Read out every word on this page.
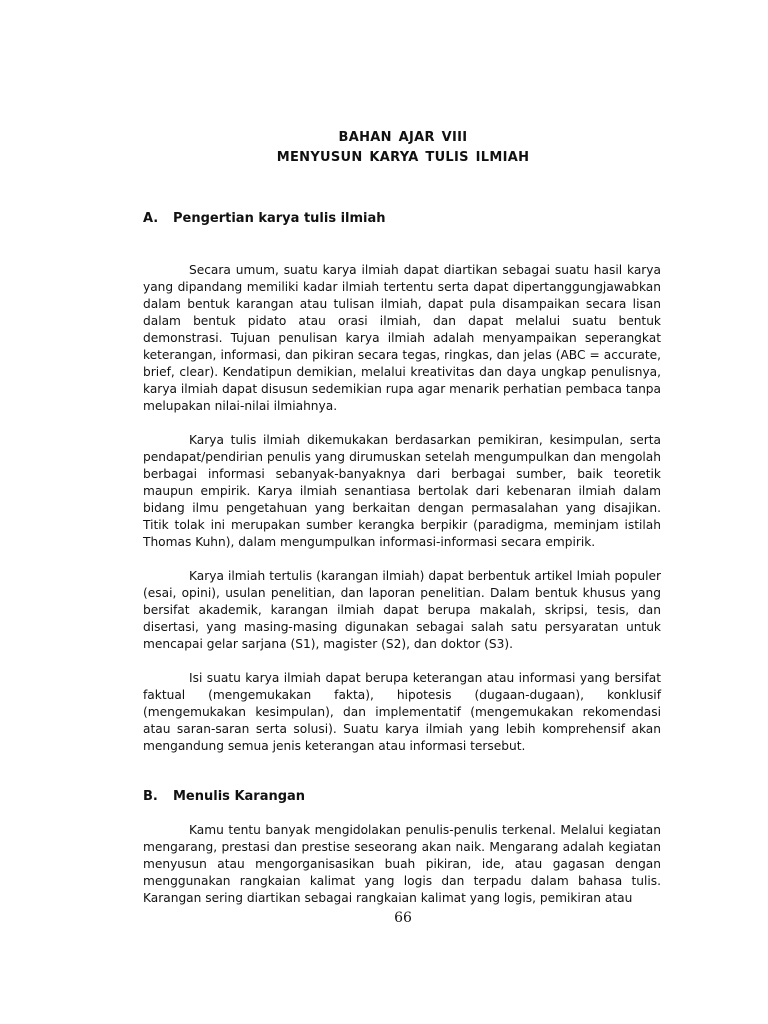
BAHAN AJAR VIII
MENYUSUN KARYA TULIS ILMIAH
A. Pengertian karya tulis ilmiah

Secara umum, suatu karya ilmiah dapat diartikan sebagai suatu hasil karya yang dipandang memiliki kadar ilmiah tertentu serta dapat dipertanggungjawabkan dalam bentuk karangan atau tulisan ilmiah, dapat pula disampaikan secara lisan dalam bentuk pidato atau orasi ilmiah, dan dapat melalui suatu bentuk demonstrasi. Tujuan penulisan karya ilmiah adalah menyampaikan seperangkat keterangan, informasi, dan pikiran secara tegas, ringkas, dan jelas (ABC = accurate, brief, clear). Kendatipun demikian, melalui kreativitas dan daya ungkap penulisnya, karya ilmiah dapat disusun sedemikian rupa agar menarik perhatian pembaca tanpa melupakan nilai-nilai ilmiahnya.

Karya tulis ilmiah dikemukakan berdasarkan pemikiran, kesimpulan, serta pendapat/pendirian penulis yang dirumuskan setelah mengumpulkan dan mengolah berbagai informasi sebanyak-banyaknya dari berbagai sumber, baik teoretik maupun empirik. Karya ilmiah senantiasa bertolak dari kebenaran ilmiah dalam bidang ilmu pengetahuan yang berkaitan dengan permasalahan yang disajikan. Titik tolak ini merupakan sumber kerangka berpikir (paradigma, meminjam istilah Thomas Kuhn), dalam mengumpulkan informasi-informasi secara empirik.

Karya ilmiah tertulis (karangan ilmiah) dapat berbentuk artikel lmiah populer (esai, opini), usulan penelitian, dan laporan penelitian. Dalam bentuk khusus yang bersifat akademik, karangan ilmiah dapat berupa makalah, skripsi, tesis, dan disertasi, yang masing-masing digunakan sebagai salah satu persyaratan untuk mencapai gelar sarjana (S1), magister (S2), dan doktor (S3).

Isi suatu karya ilmiah dapat berupa keterangan atau informasi yang bersifat faktual (mengemukakan fakta), hipotesis (dugaan-dugaan), konklusif (mengemukakan kesimpulan), dan implementatif (mengemukakan rekomendasi atau saran-saran serta solusi). Suatu karya ilmiah yang lebih komprehensif akan mengandung semua jenis keterangan atau informasi tersebut.

B. Menulis Karangan

Kamu tentu banyak mengidolakan penulis-penulis terkenal. Melalui kegiatan mengarang, prestasi dan prestise seseorang akan naik. Mengarang adalah kegiatan menyusun atau mengorganisasikan buah pikiran, ide, atau gagasan dengan menggunakan rangkaian kalimat yang logis dan terpadu dalam bahasa tulis. Karangan sering diartikan sebagai rangkaian kalimat yang logis, pemikiran atau

66
